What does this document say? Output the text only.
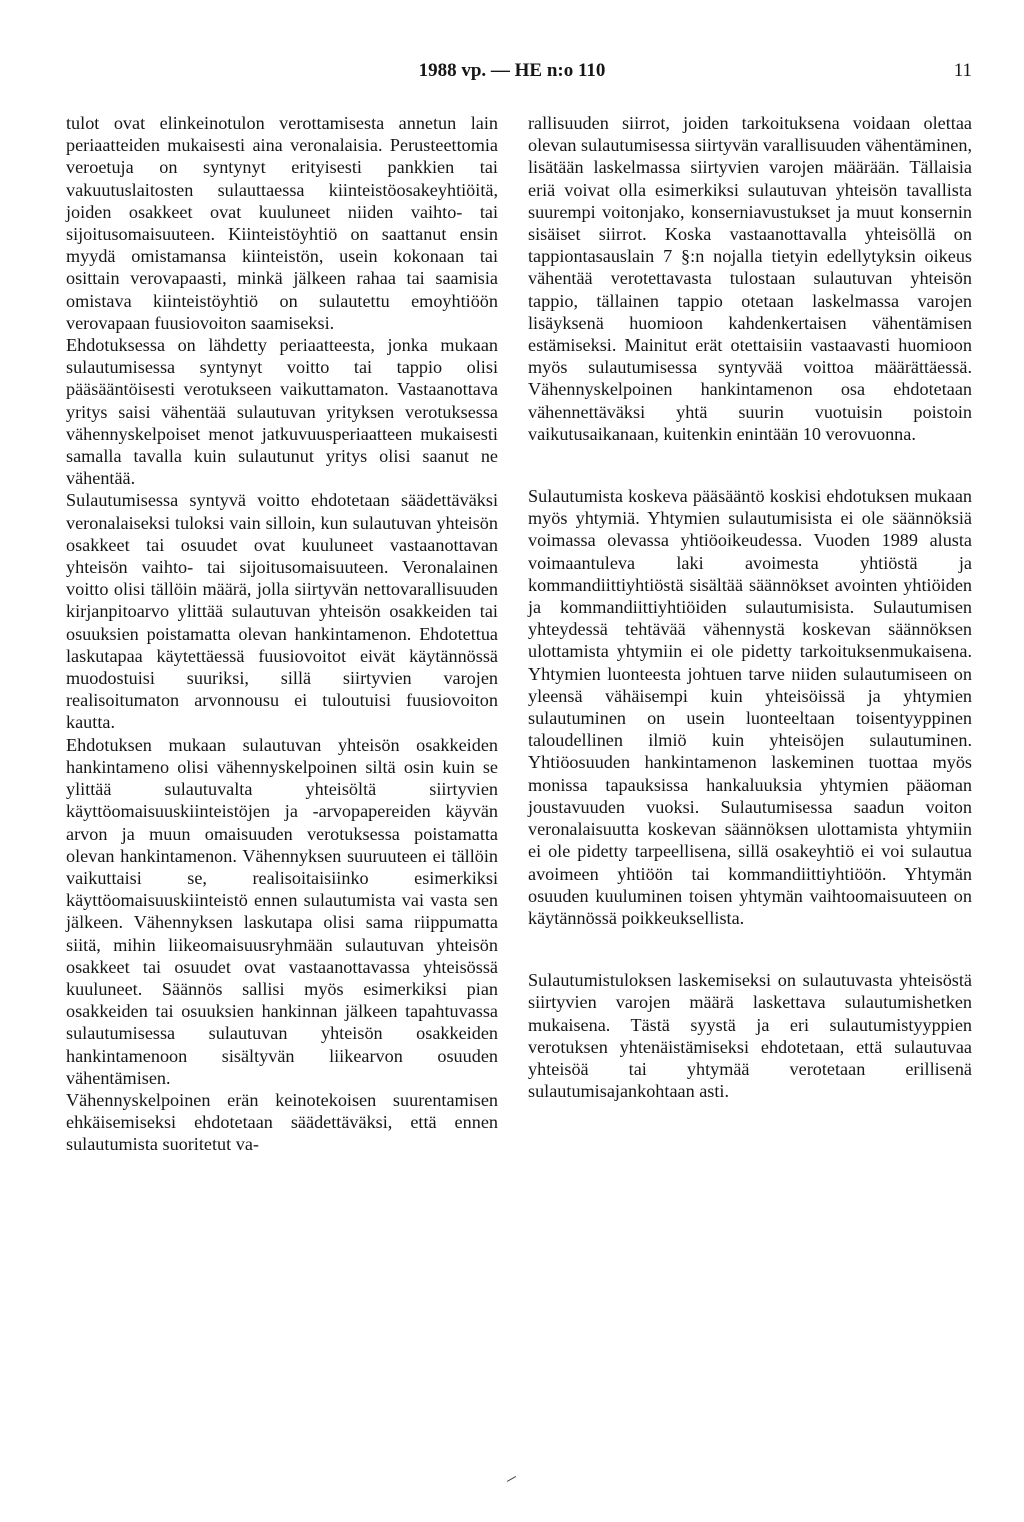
1988 vp. — HE n:o 110	11

tulot ovat elinkeinotulon verottamisesta annetun lain periaatteiden mukaisesti aina veronalaisia. Perusteettomia veroetuja on syntynyt erityisesti pankkien tai vakuutuslaitosten sulauttaessa kiinteistöosakeyhtiöitä, joiden osakkeet ovat kuuluneet niiden vaihto- tai sijoitusomaisuuteen. Kiinteistöyhtiö on saattanut ensin myydä omistamansa kiinteistön, usein kokonaan tai osittain verovapaasti, minkä jälkeen rahaa tai saamisia omistava kiinteistöyhtiö on sulautettu emoyhtiöön verovapaan fuusiovoiton saamiseksi.

Ehdotuksessa on lähdetty periaatteesta, jonka mukaan sulautumisessa syntynyt voitto tai tappio olisi pääsääntöisesti verotukseen vaikuttamaton. Vastaanottava yritys saisi vähentää sulautuvan yrityksen verotuksessa vähennyskelpoiset menot jatkuvuusperiaatteen mukaisesti samalla tavalla kuin sulautunut yritys olisi saanut ne vähentää.

Sulautumisessa syntyvä voitto ehdotetaan säädettäväksi veronalaiseksi tuloksi vain silloin, kun sulautuvan yhteisön osakkeet tai osuudet ovat kuuluneet vastaanottavan yhteisön vaihto- tai sijoitusomaisuuteen. Veronalainen voitto olisi tällöin määrä, jolla siirtyvän nettovarallisuuden kirjanpitoarvo ylittää sulautuvan yhteisön osakkeiden tai osuuksien poistamatta olevan hankintamenon. Ehdotettua laskutapaa käytettäessä fuusiovoitot eivät käytännössä muodostuisi suuriksi, sillä siirtyvien varojen realisoitumaton arvonnousu ei tuloutuisi fuusiovoiton kautta.

Ehdotuksen mukaan sulautuvan yhteisön osakkeiden hankintameno olisi vähennyskelpoinen siltä osin kuin se ylittää sulautuvalta yhteisöltä siirtyvien käyttöomaisuuskiinteistöjen ja -arvopapereiden käyvän arvon ja muun omaisuuden verotuksessa poistamatta olevan hankintamenon. Vähennyksen suuruuteen ei tällöin vaikuttaisi se, realisoitaisiinko esimerkiksi käyttöomaisuuskiinteistö ennen sulautumista vai vasta sen jälkeen. Vähennyksen laskutapa olisi sama riippumatta siitä, mihin liikeomaisuusryhmään sulautuvan yhteisön osakkeet tai osuudet ovat vastaanottavassa yhteisössä kuuluneet. Säännös sallisi myös esimerkiksi pian osakkeiden tai osuuksien hankinnan jälkeen tapahtuvassa sulautumisessa sulautuvan yhteisön osakkeiden hankintamenoon sisältyvän liikearvon osuuden vähentämisen.

Vähennyskelpoinen erän keinotekoisen suurentamisen ehkäisemiseksi ehdotetaan säädettäväksi, että ennen sulautumista suoritetut va-

rallisuuden siirrot, joiden tarkoituksena voidaan olettaa olevan sulautumisessa siirtyvän varallisuuden vähentäminen, lisätään laskelmassa siirtyvien varojen määrään. Tällaisia eriä voivat olla esimerkiksi sulautuvan yhteisön tavallista suurempi voitonjako, konserniavustukset ja muut konsernin sisäiset siirrot. Koska vastaanottavalla yhteisöllä on tappiontasauslain 7 §:n nojalla tietyin edellytyksin oikeus vähentää verotettavasta tulostaan sulautuvan yhteisön tappio, tällainen tappio otetaan laskelmassa varojen lisäyksenä huomioon kahdenkertaisen vähentämisen estämiseksi. Mainitut erät otettaisiin vastaavasti huomioon myös sulautumisessa syntyvää voittoa määrättäessä. Vähennyskelpoinen hankintamenon osa ehdotetaan vähennettäväksi yhtä suurin vuotuisin poistoin vaikutusaikanaan, kuitenkin enintään 10 verovuonna.

Sulautumista koskeva pääsääntö koskisi ehdotuksen mukaan myös yhtymiä. Yhtymien sulautumisista ei ole säännöksiä voimassa olevassa yhtiöoikeudessa. Vuoden 1989 alusta voimaantuleva laki avoimesta yhtiöstä ja kommandiittiyhtiöstä sisältää säännökset avointen yhtiöiden ja kommandiittiyhtiöiden sulautumisista. Sulautumisen yhteydessä tehtävää vähennystä koskevan säännöksen ulottamista yhtymiin ei ole pidetty tarkoituksenmukaisena. Yhtymien luonteesta johtuen tarve niiden sulautumiseen on yleensä vähäisempi kuin yhteisöissä ja yhtymien sulautuminen on usein luonteeltaan toisentyyppinen taloudellinen ilmiö kuin yhteisöjen sulautuminen. Yhtiöosuuden hankintamenon laskeminen tuottaa myös monissa tapauksissa hankaluuksia yhtymien pääoman joustavuuden vuoksi. Sulautumisessa saadun voiton veronalaisuutta koskevan säännöksen ulottamista yhtymiin ei ole pidetty tarpeellisena, sillä osakeyhtiö ei voi sulautua avoimeen yhtiöön tai kommandiittiyhtiöön. Yhtymän osuuden kuuluminen toisen yhtymän vaihtoomaisuuteen on käytännössä poikkeuksellista.

Sulautumistuloksen laskemiseksi on sulautuvasta yhteisöstä siirtyvien varojen määrä laskettava sulautumishetken mukaisena. Tästä syystä ja eri sulautumistyyppien verotuksen yhtenäistämiseksi ehdotetaan, että sulautuvaa yhteisöä tai yhtymää verotetaan erillisenä sulautumisajankohtaan asti.
